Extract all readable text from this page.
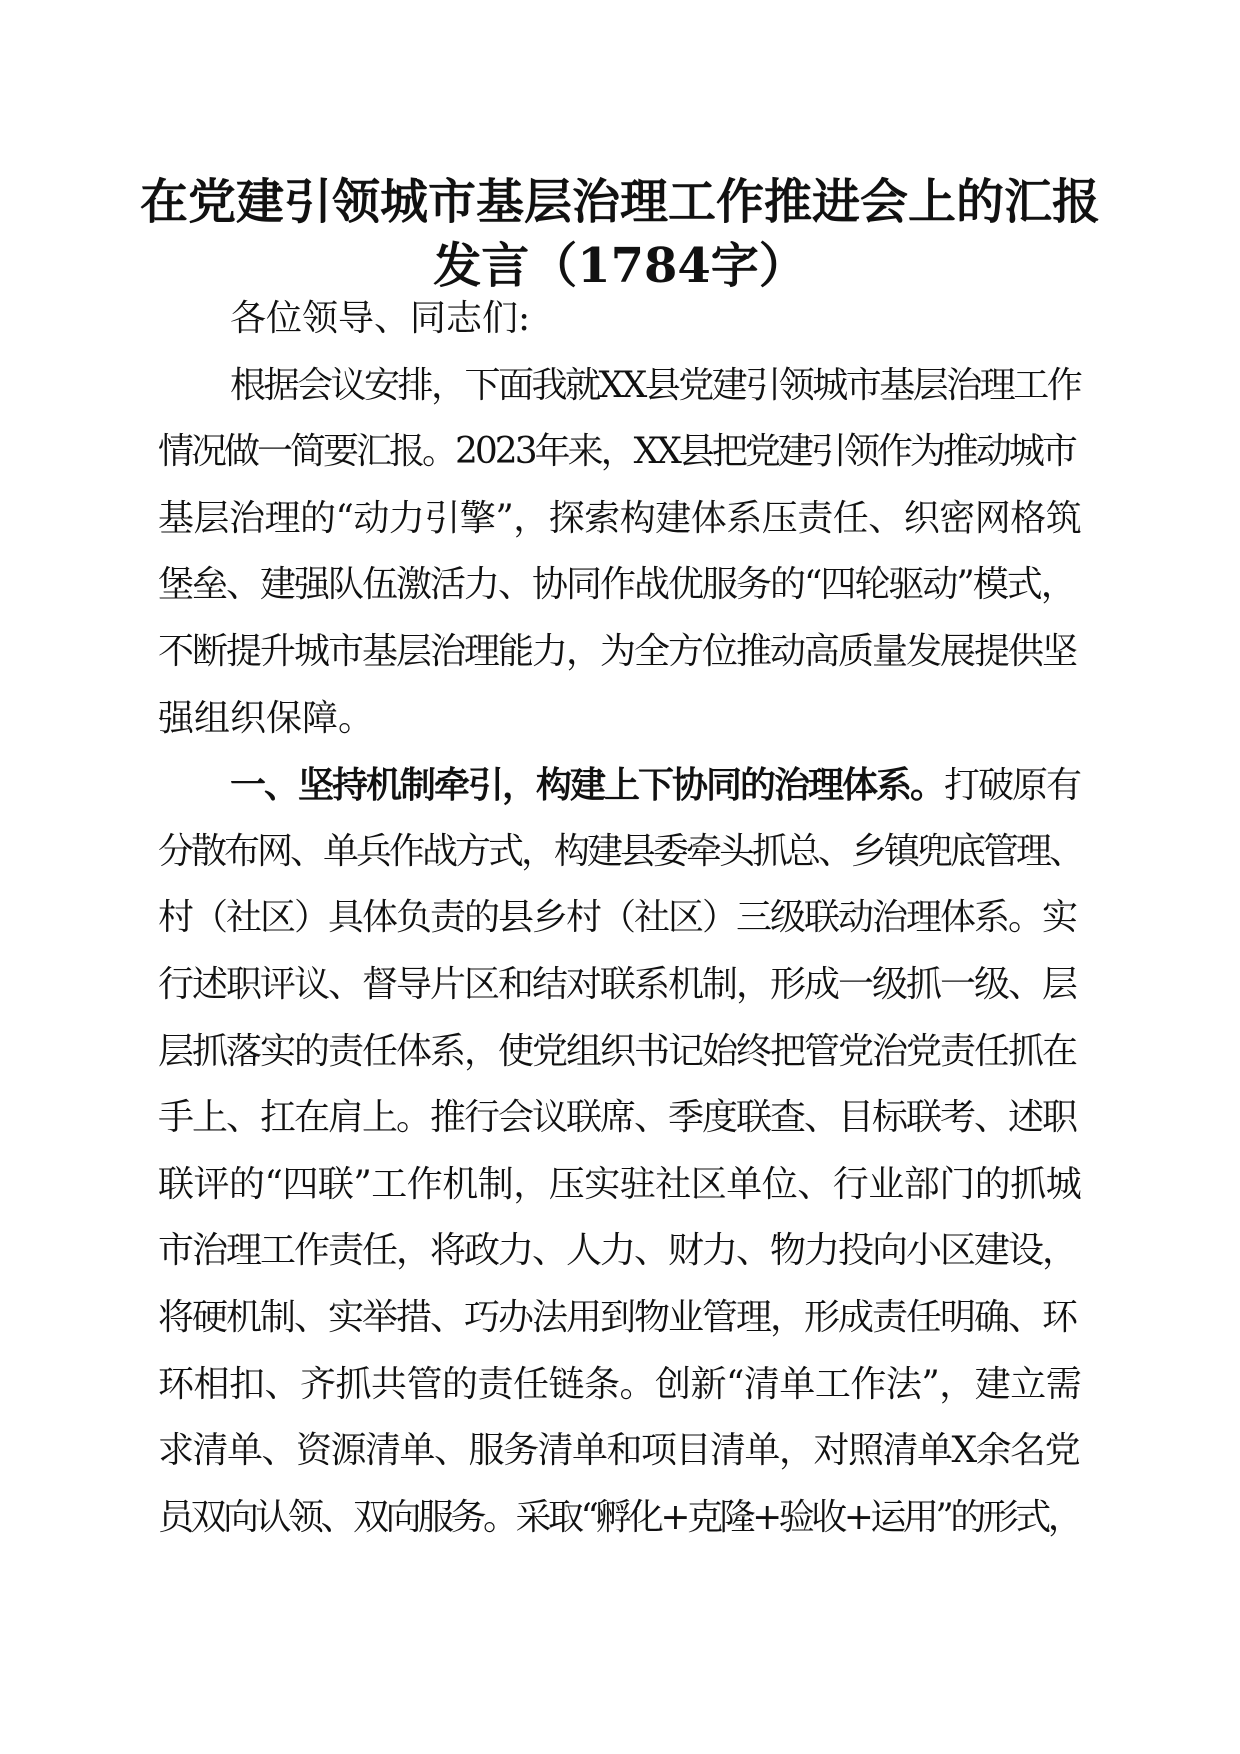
在党建引领城市基层治理工作推进会上的汇报
发言（1784字）
各位领导、同志们:
根据会议安排，下面我就XX县党建引领城市基层治理工作
情况做一简要汇报。2023年来，XX县把党建引领作为推动城市
基层治理的“动力引擎”，探索构建体系压责任、织密网格筑
堡垒、建强队伍激活力、协同作战优服务的“四轮驱动”模式，
不断提升城市基层治理能力，为全方位推动高质量发展提供坚
强组织保障。
一、坚持机制牵引，构建上下协同的治理体系。打破原有
分散布网、单兵作战方式，构建县委牵头抓总、乡镇兜底管理、
村（社区）具体负责的县乡村（社区）三级联动治理体系。实
行述职评议、督导片区和结对联系机制，形成一级抓一级、层
层抓落实的责任体系，使党组织书记始终把管党治党责任抓在
手上、扛在肩上。推行会议联席、季度联查、目标联考、述职
联评的“四联”工作机制，压实驻社区单位、行业部门的抓城
市治理工作责任，将政力、人力、财力、物力投向小区建设，
将硬机制、实举措、巧办法用到物业管理，形成责任明确、环
环相扣、齐抓共管的责任链条。创新“清单工作法”，建立需
求清单、资源清单、服务清单和项目清单，对照清单X余名党
员双向认领、双向服务。采取“孵化+克隆+验收+运用”的形式，
